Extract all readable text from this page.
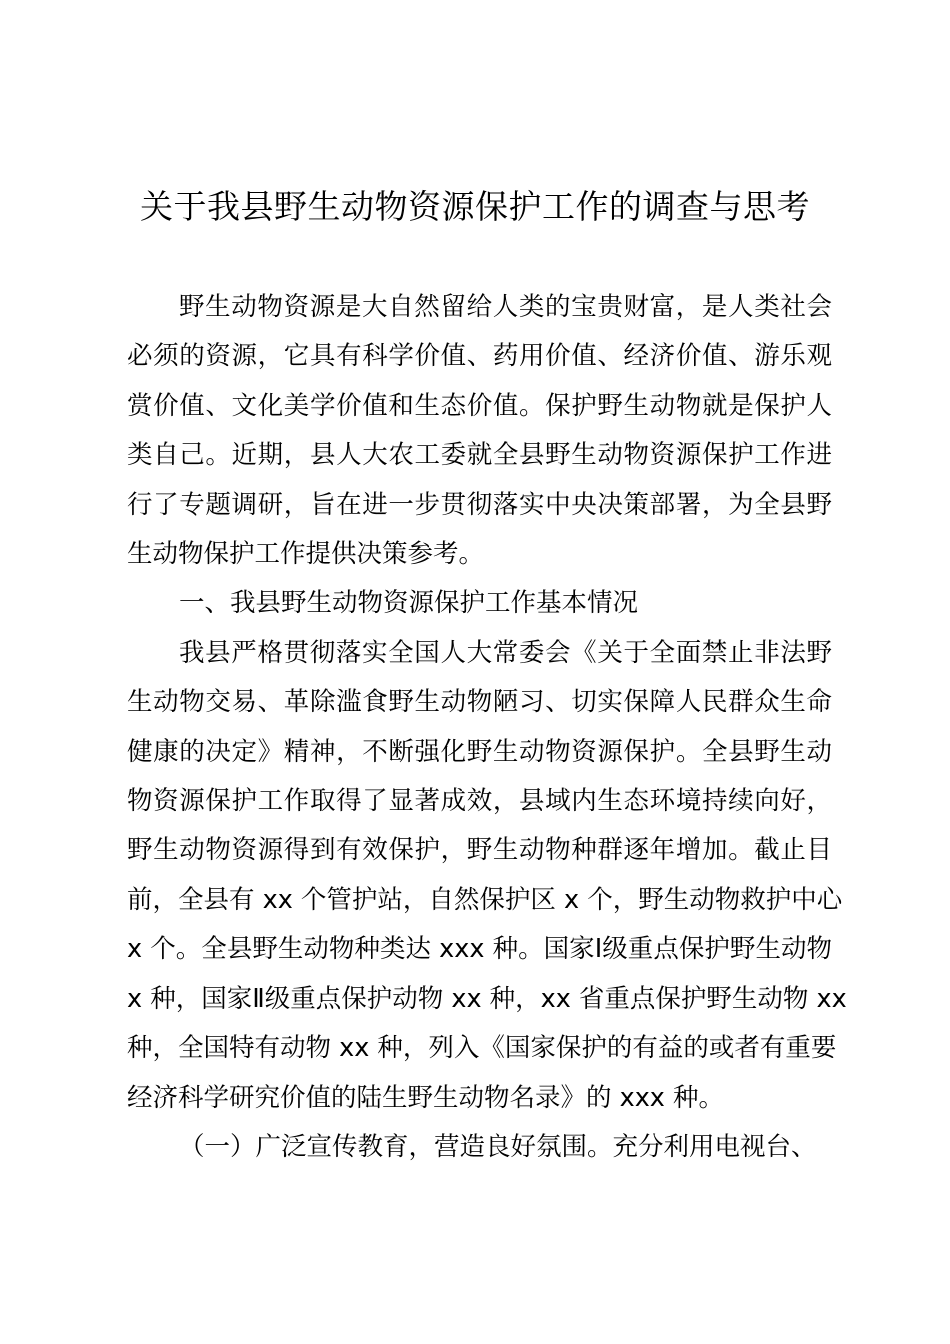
关于我县野生动物资源保护工作的调查与思考
野生动物资源是大自然留给人类的宝贵财富，是人类社会
必须的资源，它具有科学价值、药用价值、经济价值、游乐观
赏价值、文化美学价值和生态价值。保护野生动物就是保护人
类自己。近期，县人大农工委就全县野生动物资源保护工作进
行了专题调研，旨在进一步贯彻落实中央决策部署，为全县野
生动物保护工作提供决策参考。
一、我县野生动物资源保护工作基本情况
我县严格贯彻落实全国人大常委会《关于全面禁止非法野
生动物交易、革除滥食野生动物陋习、切实保障人民群众生命
健康的决定》精神，不断强化野生动物资源保护。全县野生动
物资源保护工作取得了显著成效，县域内生态环境持续向好，
野生动物资源得到有效保护，野生动物种群逐年增加。截止目
前，全县有 xx 个管护站，自然保护区 x 个，野生动物救护中心
x 个。全县野生动物种类达 xxx 种。国家Ⅰ级重点保护野生动物
x 种，国家Ⅱ级重点保护动物 xx 种，xx 省重点保护野生动物 xx
种，全国特有动物 xx 种，列入《国家保护的有益的或者有重要
经济科学研究价值的陆生野生动物名录》的 xxx 种。
（一）广泛宣传教育，营造良好氛围。充分利用电视台、
